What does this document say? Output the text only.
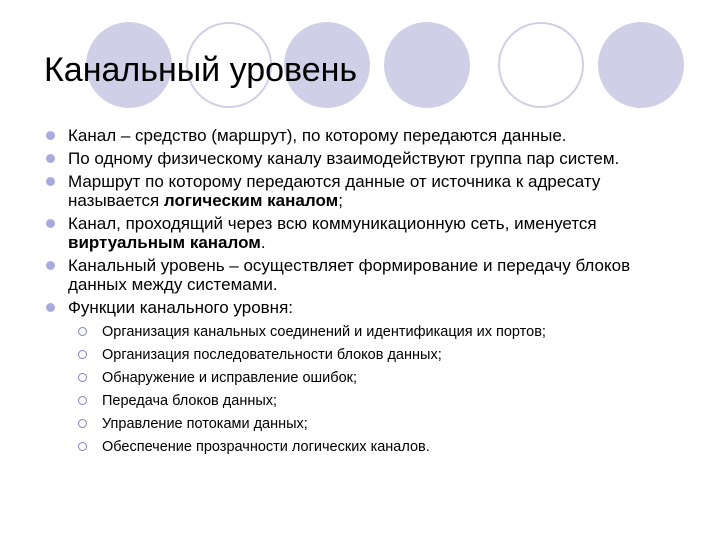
Канальный уровень
Канал – средство (маршрут), по которому передаются данные.
По одному физическому каналу взаимодействуют группа пар систем.
Маршрут по которому передаются данные от источника к адресату называется логическим каналом;
Канал, проходящий через всю коммуникационную сеть, именуется виртуальным каналом.
Канальный уровень – осуществляет формирование и передачу блоков данных между системами.
Функции канального уровня:
Организация канальных соединений и идентификация их портов;
Организация последовательности блоков данных;
Обнаружение и исправление ошибок;
Передача блоков данных;
Управление потоками данных;
Обеспечение прозрачности логических каналов.
